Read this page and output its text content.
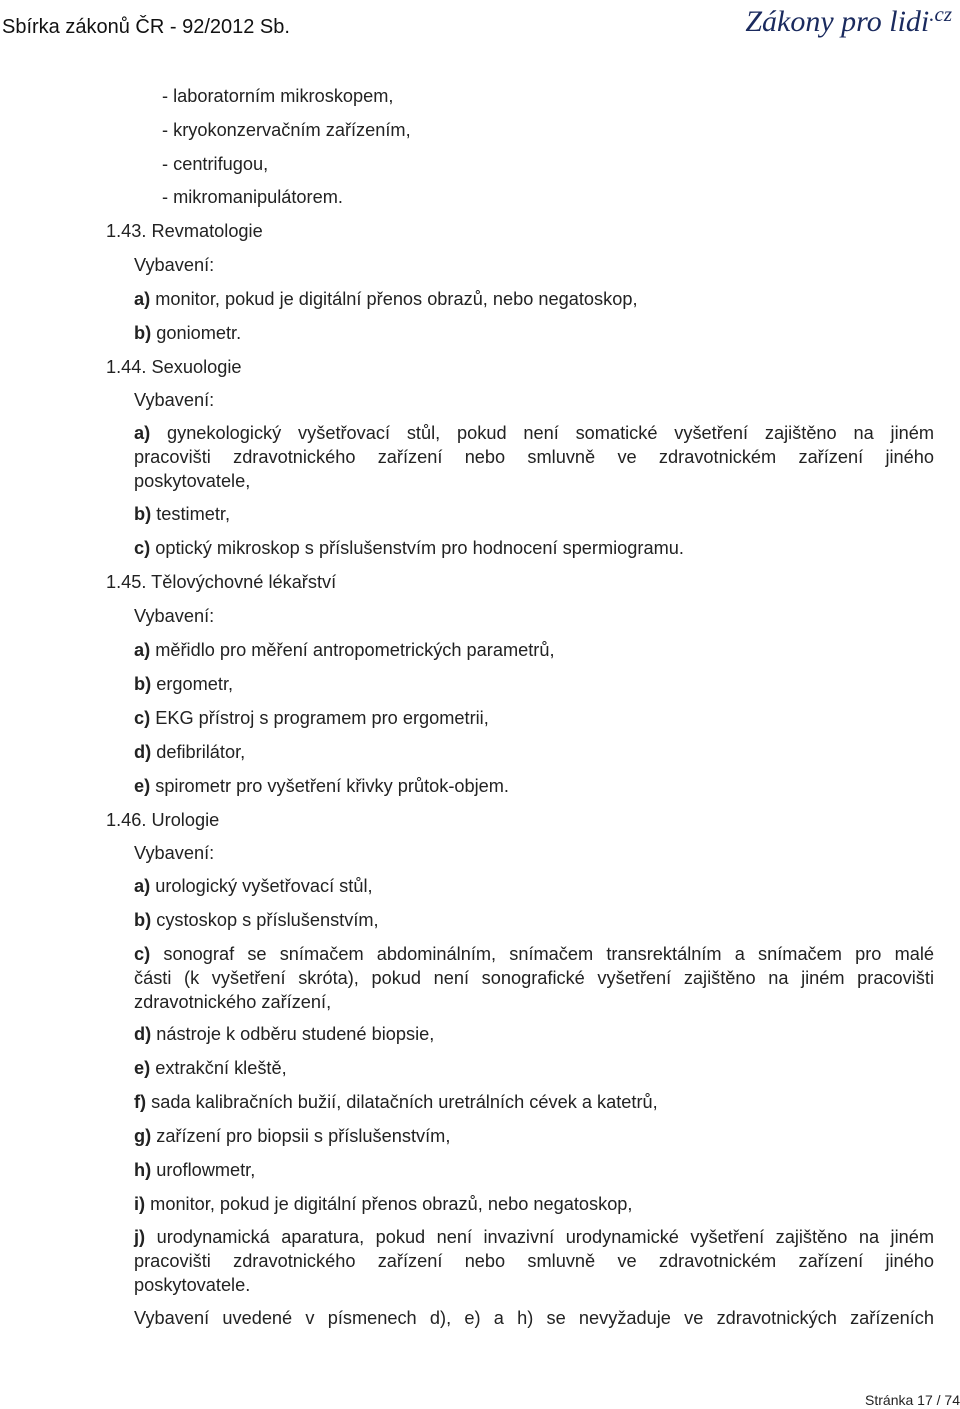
Sbírka zákonů ČR - 92/2012 Sb.	Zákony pro lidi$^{.cz}$
- laboratorním mikroskopem,
- kryokonzervačním zařízením,
- centrifugou,
- mikromanipulátorem.
1.43. Revmatologie
Vybavení:
a) monitor, pokud je digitální přenos obrazů, nebo negatoskop,
b) goniometr.
1.44. Sexuologie
Vybavení:
a) gynekologický vyšetřovací stůl, pokud není somatické vyšetření zajištěno na jiném
pracovišti zdravotnického zařízení nebo smluvně ve zdravotnickém zařízení jiného
poskytovatele,
b) testimetr,
c) optický mikroskop s příslušenstvím pro hodnocení spermiogramu.
1.45. Tělovýchovné lékařství
Vybavení:
a) měřidlo pro měření antropometrických parametrů,
b) ergometr,
c) EKG přístroj s programem pro ergometrii,
d) defibrilátor,
e) spirometr pro vyšetření křivky průtok-objem.
1.46. Urologie
Vybavení:
a) urologický vyšetřovací stůl,
b) cystoskop s příslušenstvím,
c) sonograf se snímačem abdominálním, snímačem transrektálním a snímačem pro malé
části (k vyšetření skróta), pokud není sonografické vyšetření zajištěno na jiném pracovišti
zdravotnického zařízení,
d) nástroje k odběru studené biopsie,
e) extrakční kleště,
f) sada kalibračních bužií, dilatačních uretrálních cévek a katetrů,
g) zařízení pro biopsii s příslušenstvím,
h) uroflowmetr,
i) monitor, pokud je digitální přenos obrazů, nebo negatoskop,
j) urodynamická aparatura, pokud není invazivní urodynamické vyšetření zajištěno na jiném
pracovišti zdravotnického zařízení nebo smluvně ve zdravotnickém zařízení jiného
poskytovatele.
Vybavení uvedené v písmenech d), e) a h) se nevyžaduje ve zdravotnických zařízeních
Stránka 17 / 74
